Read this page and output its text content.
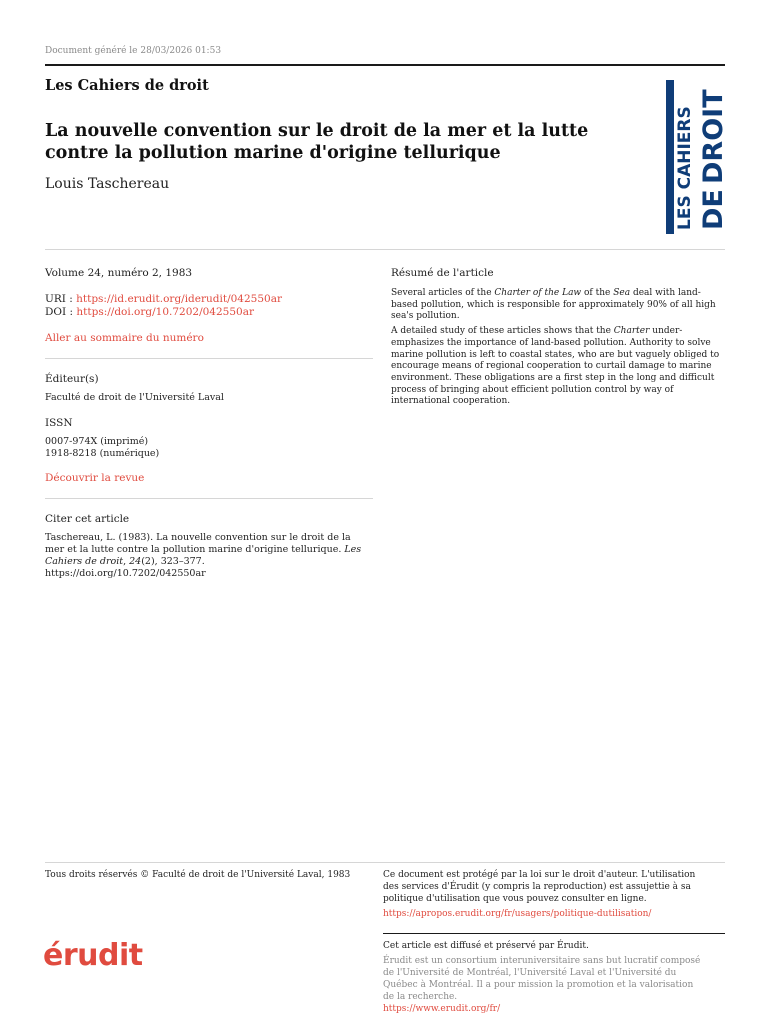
Document généré le 28/03/2026 01:53
Les Cahiers de droit
La nouvelle convention sur le droit de la mer et la lutte contre la pollution marine d'origine tellurique
Louis Taschereau	LES CAHIERS DE
DROIT
Volume 24, numéro 2, 1983
URI : https://id.erudit.org/iderudit/042550ar
DOI : https://doi.org/10.7202/042550ar
Aller au sommaire du numéro
Éditeur(s)
Faculté de droit de l'Université Laval
ISSN
0007-974X (imprimé)
1918-8218 (numérique)
Découvrir la revue
Citer cet article
Taschereau, L. (1983). La nouvelle convention sur le droit de la mer et la lutte contre la pollution marine d'origine tellurique. Les Cahiers de droit, 24(2), 323–377. https://doi.org/10.7202/042550ar
Résumé de l'article

Several articles of the Charter of the Law of the Sea deal with land-based pollution, which is responsible for approximately 90% of all high sea's pollution.

A detailed study of these articles shows that the Charter under-emphasizes the importance of land-based pollution. Authority to solve marine pollution is left to coastal states, who are but vaguely obliged to encourage means of regional cooperation to curtail damage to marine environment. These obligations are a first step in the long and difficult process of bringing about efficient pollution control by way of international cooperation.

Tous droits réservés © Faculté de droit de l'Université Laval, 1983	Ce document est protégé par la loi sur le droit d'auteur. L'utilisation des services d'Érudit (y compris la reproduction) est assujettie à sa politique d'utilisation que vous pouvez consulter en ligne.

https://apropos.erudit.org/fr/usagers/politique-dutilisation/

érudit	Cet article est diffusé et préservé par Érudit.

Érudit est un consortium interuniversitaire sans but lucratif composé de l'Université de Montréal, l'Université Laval et l'Université du Québec à Montréal. Il a pour mission la promotion et la valorisation de la recherche.

https://www.erudit.org/fr/
